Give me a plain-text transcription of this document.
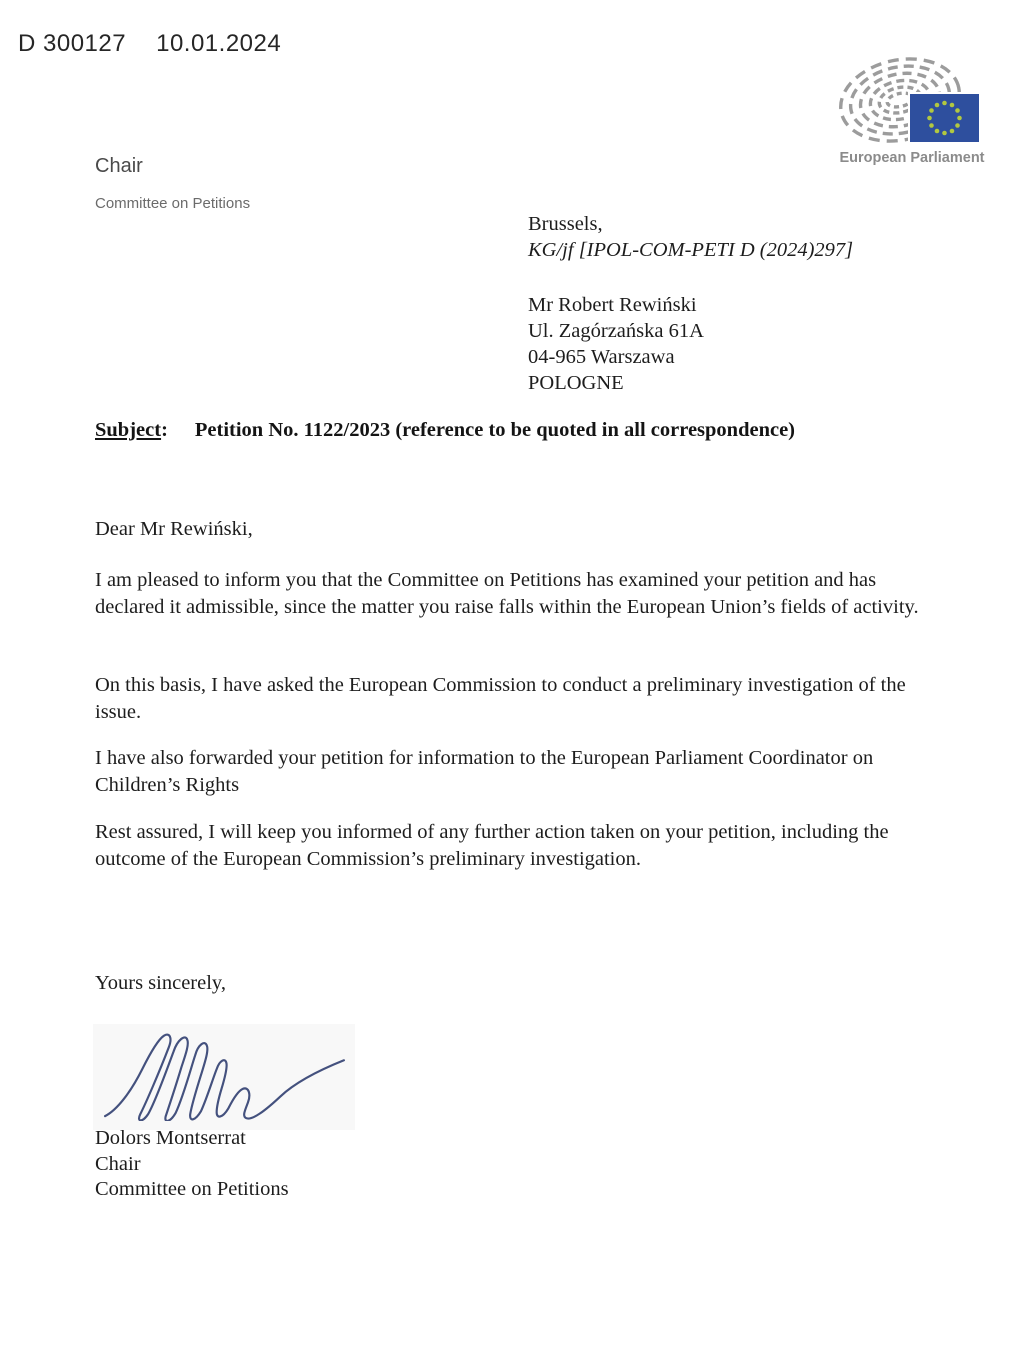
D 300127 10.01.2024
European Parliament
Chair
Committee on Petitions
Brussels,
KG/jf [IPOL-COM-PETI D (2024)297]
Mr Robert Rewiński
Ul. Zagórzańska 61A
04-965 Warszawa
POLOGNE
Subject: Petition No. 1122/2023 (reference to be quoted in all correspondence)
Dear Mr Rewiński,

I am pleased to inform you that the Committee on Petitions has examined your petition and has declared it admissible, since the matter you raise falls within the European Union’s fields of activity.

On this basis, I have asked the European Commission to conduct a preliminary investigation of the issue.

I have also forwarded your petition for information to the European Parliament Coordinator on Children’s Rights

Rest assured, I will keep you informed of any further action taken on your petition, including the outcome of the European Commission’s preliminary investigation.

Yours sincerely,
Dolors Montserrat
Chair
Committee on Petitions
